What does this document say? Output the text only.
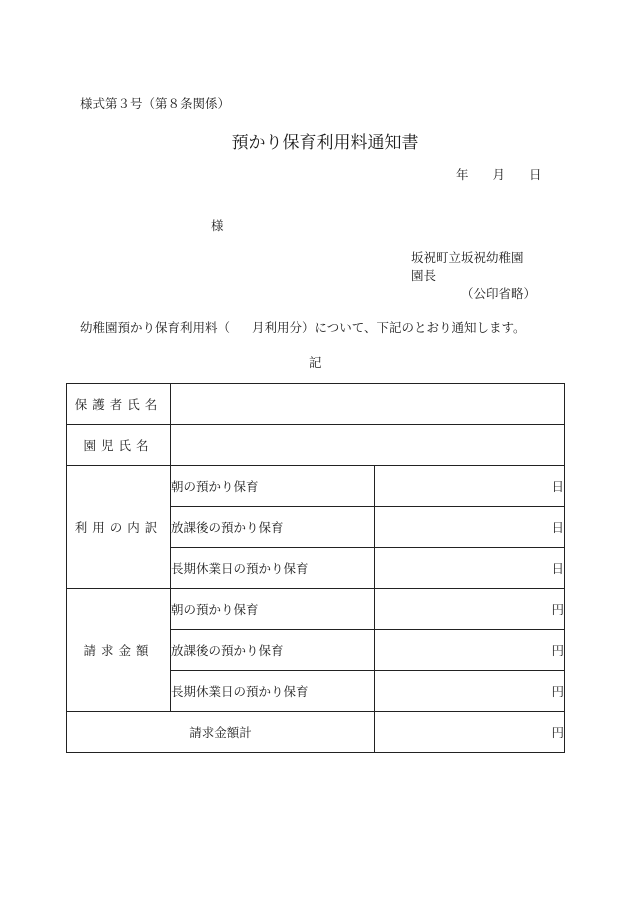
様式第３号（第８条関係）
預かり保育利用料通知書
年 月 日
様
坂祝町立坂祝幼稚園
園長
（公印省略）
幼稚園預かり保育利用料（ 月利用分）について、下記のとおり通知します。
記
保護者氏名		
園児氏名		
利用の内訳	朝の預かり保育	日
	放課後の預かり保育	日
	長期休業日の預かり保育	日
請求金額	朝の預かり保育	円
	放課後の預かり保育	円
	長期休業日の預かり保育	円
請求金額計		円
